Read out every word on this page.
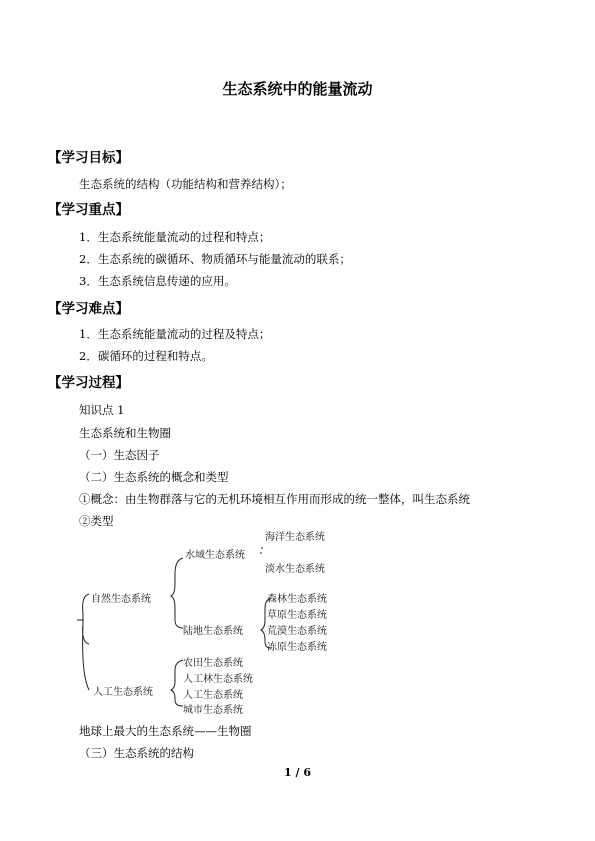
生态系统中的能量流动
【学习目标】
生态系统的结构（功能结构和营养结构）；
【学习重点】
1．生态系统能量流动的过程和特点；
2．生态系统的碳循环、物质循环与能量流动的联系；
3．生态系统信息传递的应用。
【学习难点】
1．生态系统能量流动的过程及特点；
2．碳循环的过程和特点。
【学习过程】
知识点 1
生态系统和生物圈
（一）生态因子
（二）生态系统的概念和类型
①概念：由生物群落与它的无机环境相互作用而形成的统一整体，叫生态系统
②类型
自然生态系统
人工生态系统
水域生态系统
陆地生态系统
海洋生态系统
淡水生态系统
森林生态系统
草原生态系统
荒漠生态系统
冻原生态系统
农田生态系统
人工林生态系统
人工生态系统
城市生态系统
地球上最大的生态系统——生物圈
（三）生态系统的结构
1 / 6
